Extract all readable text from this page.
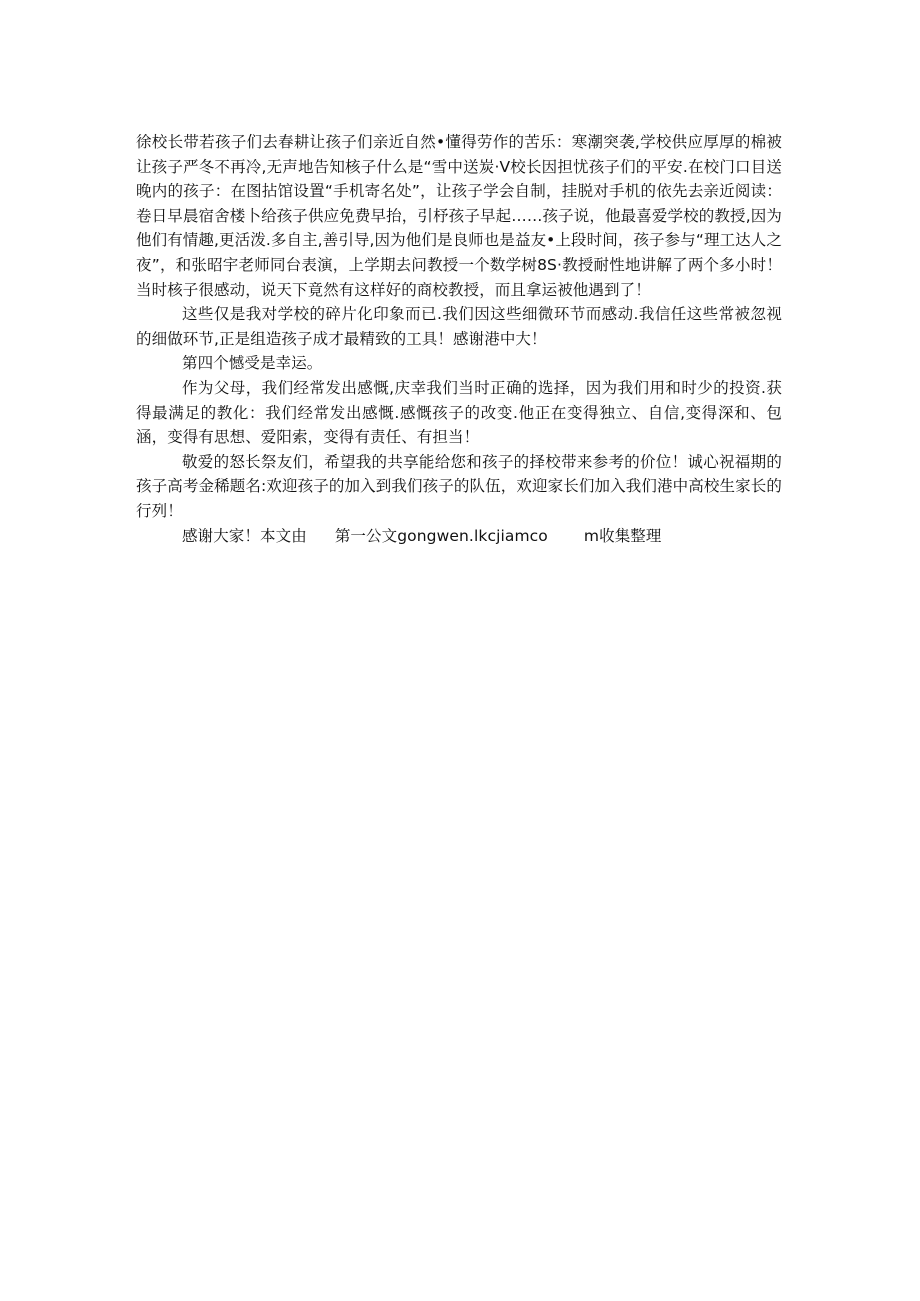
徐校长带若孩子们去春耕让孩子们亲近自然•懂得劳作的苦乐：寒潮突袭,学校供应厚厚的棉被让孩子严冬不再冷,无声地告知核子什么是“雪中送炭·V校长因担忧孩子们的平安.在校门口目送晚内的孩子：在图拈馆设置“手机寄名处”，让孩子学会自制，挂脱对手机的依先去亲近阅读：卷日早晨宿舍楼卜给孩子供应免费早抬，引杼孩子早起……孩子说，他最喜爱学校的教授,因为他们有情趣,更活泼.多自主,善引导,因为他们是良师也是益友•上段时间，孩子参与“理工达人之夜”，和张昭宇老师同台表演，上学期去问教授一个数学树8S·教授耐性地讲解了两个多小时！当时核子很感动，说天下竟然有这样好的商校教授，而且拿运被他遇到了！

这些仅是我对学校的碎片化印象而已.我们因这些细微环节而感动.我信任这些常被忽视的细做环节,正是组造孩子成才最精致的工具！感谢港中大！

第四个憾受是幸运。

作为父母，我们经常发出感慨,庆幸我们当时正确的选择，因为我们用和时少的投资.获得最满足的教化：我们经常发出感慨.感慨孩子的改变.他正在变得独立、自信,变得深和、包涵，变得有思想、爱阳索，变得有责任、有担当！

敬爱的怒长祭友们，希望我的共享能给您和孩子的择校带来参考的价位！诚心祝福期的孩子高考金稀题名:欢迎孩子的加入到我们孩子的队伍，欢迎家长们加入我们港中高校生家长的行列！

感谢大家！本文由 第一公文gongwen.lkcjiamco m收集整理
